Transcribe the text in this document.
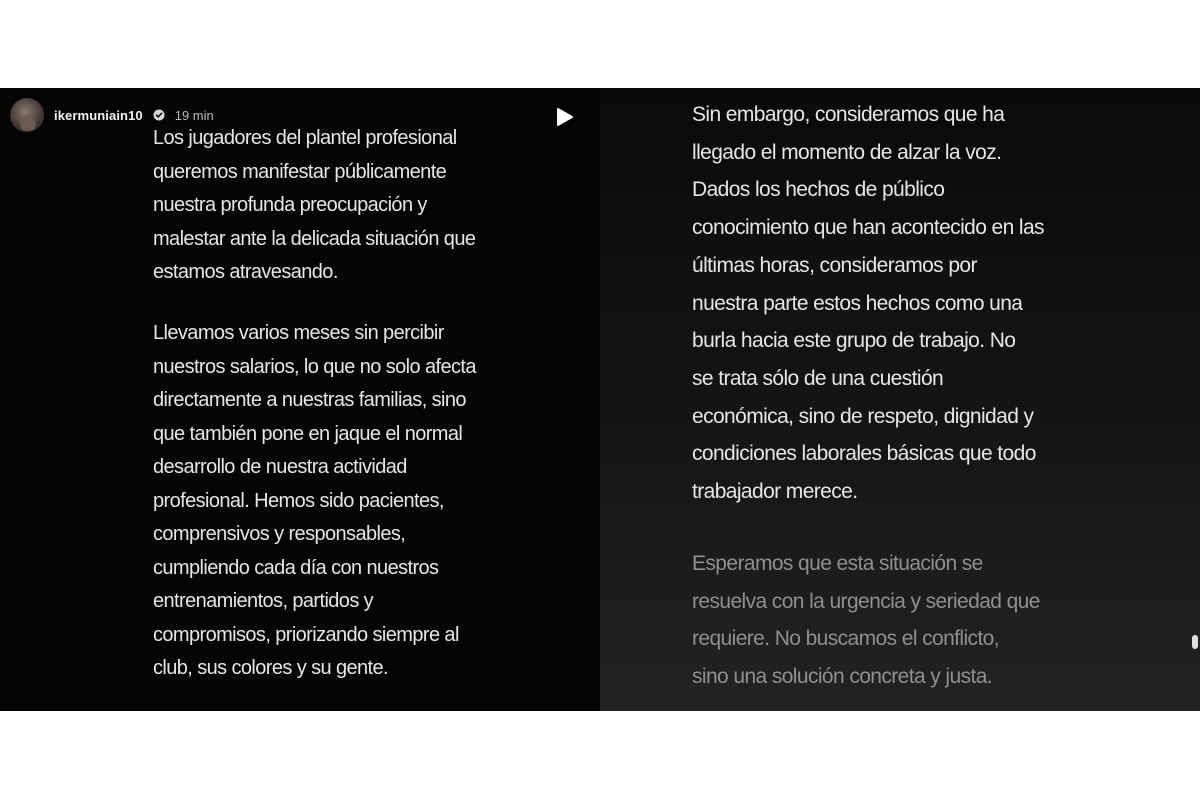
ikermuniain10 19 min

Los jugadores del plantel profesional
queremos manifestar públicamente
nuestra profunda preocupación y
malestar ante la delicada situación que
estamos atravesando.

Llevamos varios meses sin percibir
nuestros salarios, lo que no solo afecta
directamente a nuestras familias, sino
que también pone en jaque el normal
desarrollo de nuestra actividad
profesional. Hemos sido pacientes,
comprensivos y responsables,
cumpliendo cada día con nuestros
entrenamientos, partidos y
compromisos, priorizando siempre al
club, sus colores y su gente.

Sin embargo, consideramos que ha
llegado el momento de alzar la voz.
Dados los hechos de público
conocimiento que han acontecido en las
últimas horas, consideramos por
nuestra parte estos hechos como una
burla hacia este grupo de trabajo. No
se trata sólo de una cuestión
económica, sino de respeto, dignidad y
condiciones laborales básicas que todo
trabajador merece.

Esperamos que esta situación se
resuelva con la urgencia y seriedad que
requiere. No buscamos el conflicto,
sino una solución concreta y justa.
